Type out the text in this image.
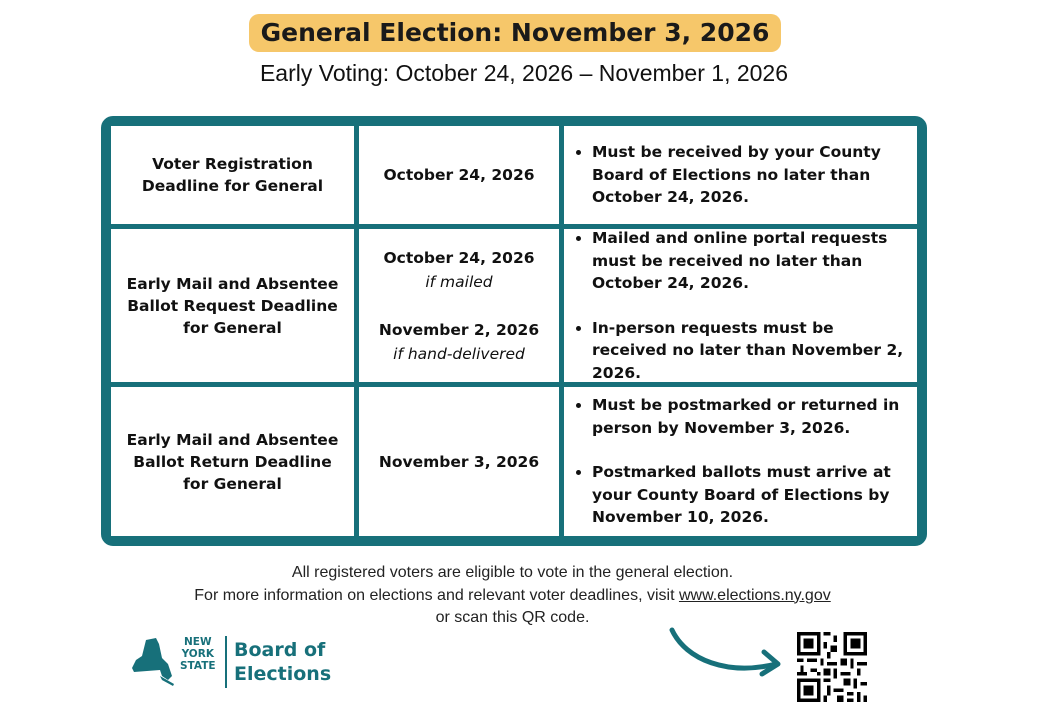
General Election: November 3, 2026
Early Voting: October 24, 2026 – November 1, 2026
Voter Registration Deadline for General
October 24, 2026
• Must be received by your County Board of Elections no later than October 24, 2026.
Early Mail and Absentee Ballot Request Deadline for General
October 24, 2026
if mailed
November 2, 2026
if hand-delivered
• Mailed and online portal requests must be received no later than October 24, 2026.
• In-person requests must be received no later than November 2, 2026.
Early Mail and Absentee Ballot Return Deadline for General
November 3, 2026
• Must be postmarked or returned in person by November 3, 2026.
• Postmarked ballots must arrive at your County Board of Elections by November 10, 2026.
All registered voters are eligible to vote in the general election.
For more information on elections and relevant voter deadlines, visit www.elections.ny.gov
or scan this QR code.
NEW
YORK
STATE
Board of
Elections
